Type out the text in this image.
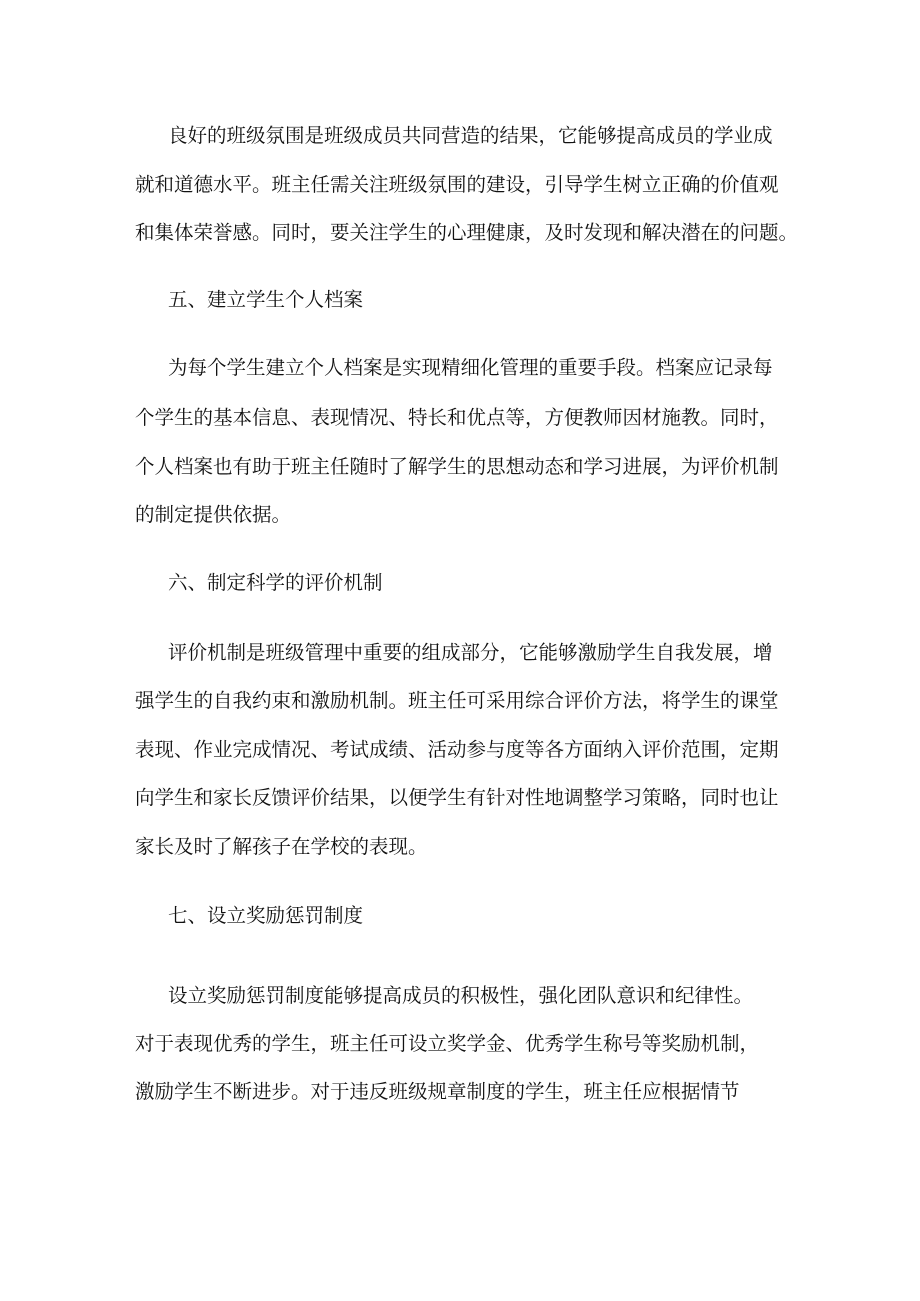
良好的班级氛围是班级成员共同营造的结果，它能够提高成员的学业成

就和道德水平。班主任需关注班级氛围的建设，引导学生树立正确的价值观

和集体荣誉感。同时，要关注学生的心理健康，及时发现和解决潜在的问题。

五、建立学生个人档案

为每个学生建立个人档案是实现精细化管理的重要手段。档案应记录每

个学生的基本信息、表现情况、特长和优点等，方便教师因材施教。同时，

个人档案也有助于班主任随时了解学生的思想动态和学习进展，为评价机制

的制定提供依据。

六、制定科学的评价机制

评价机制是班级管理中重要的组成部分，它能够激励学生自我发展，增

强学生的自我约束和激励机制。班主任可采用综合评价方法，将学生的课堂

表现、作业完成情况、考试成绩、活动参与度等各方面纳入评价范围，定期

向学生和家长反馈评价结果，以便学生有针对性地调整学习策略，同时也让

家长及时了解孩子在学校的表现。

七、设立奖励惩罚制度

设立奖励惩罚制度能够提高成员的积极性，强化团队意识和纪律性。

对于表现优秀的学生，班主任可设立奖学金、优秀学生称号等奖励机制，

激励学生不断进步。对于违反班级规章制度的学生，班主任应根据情节
